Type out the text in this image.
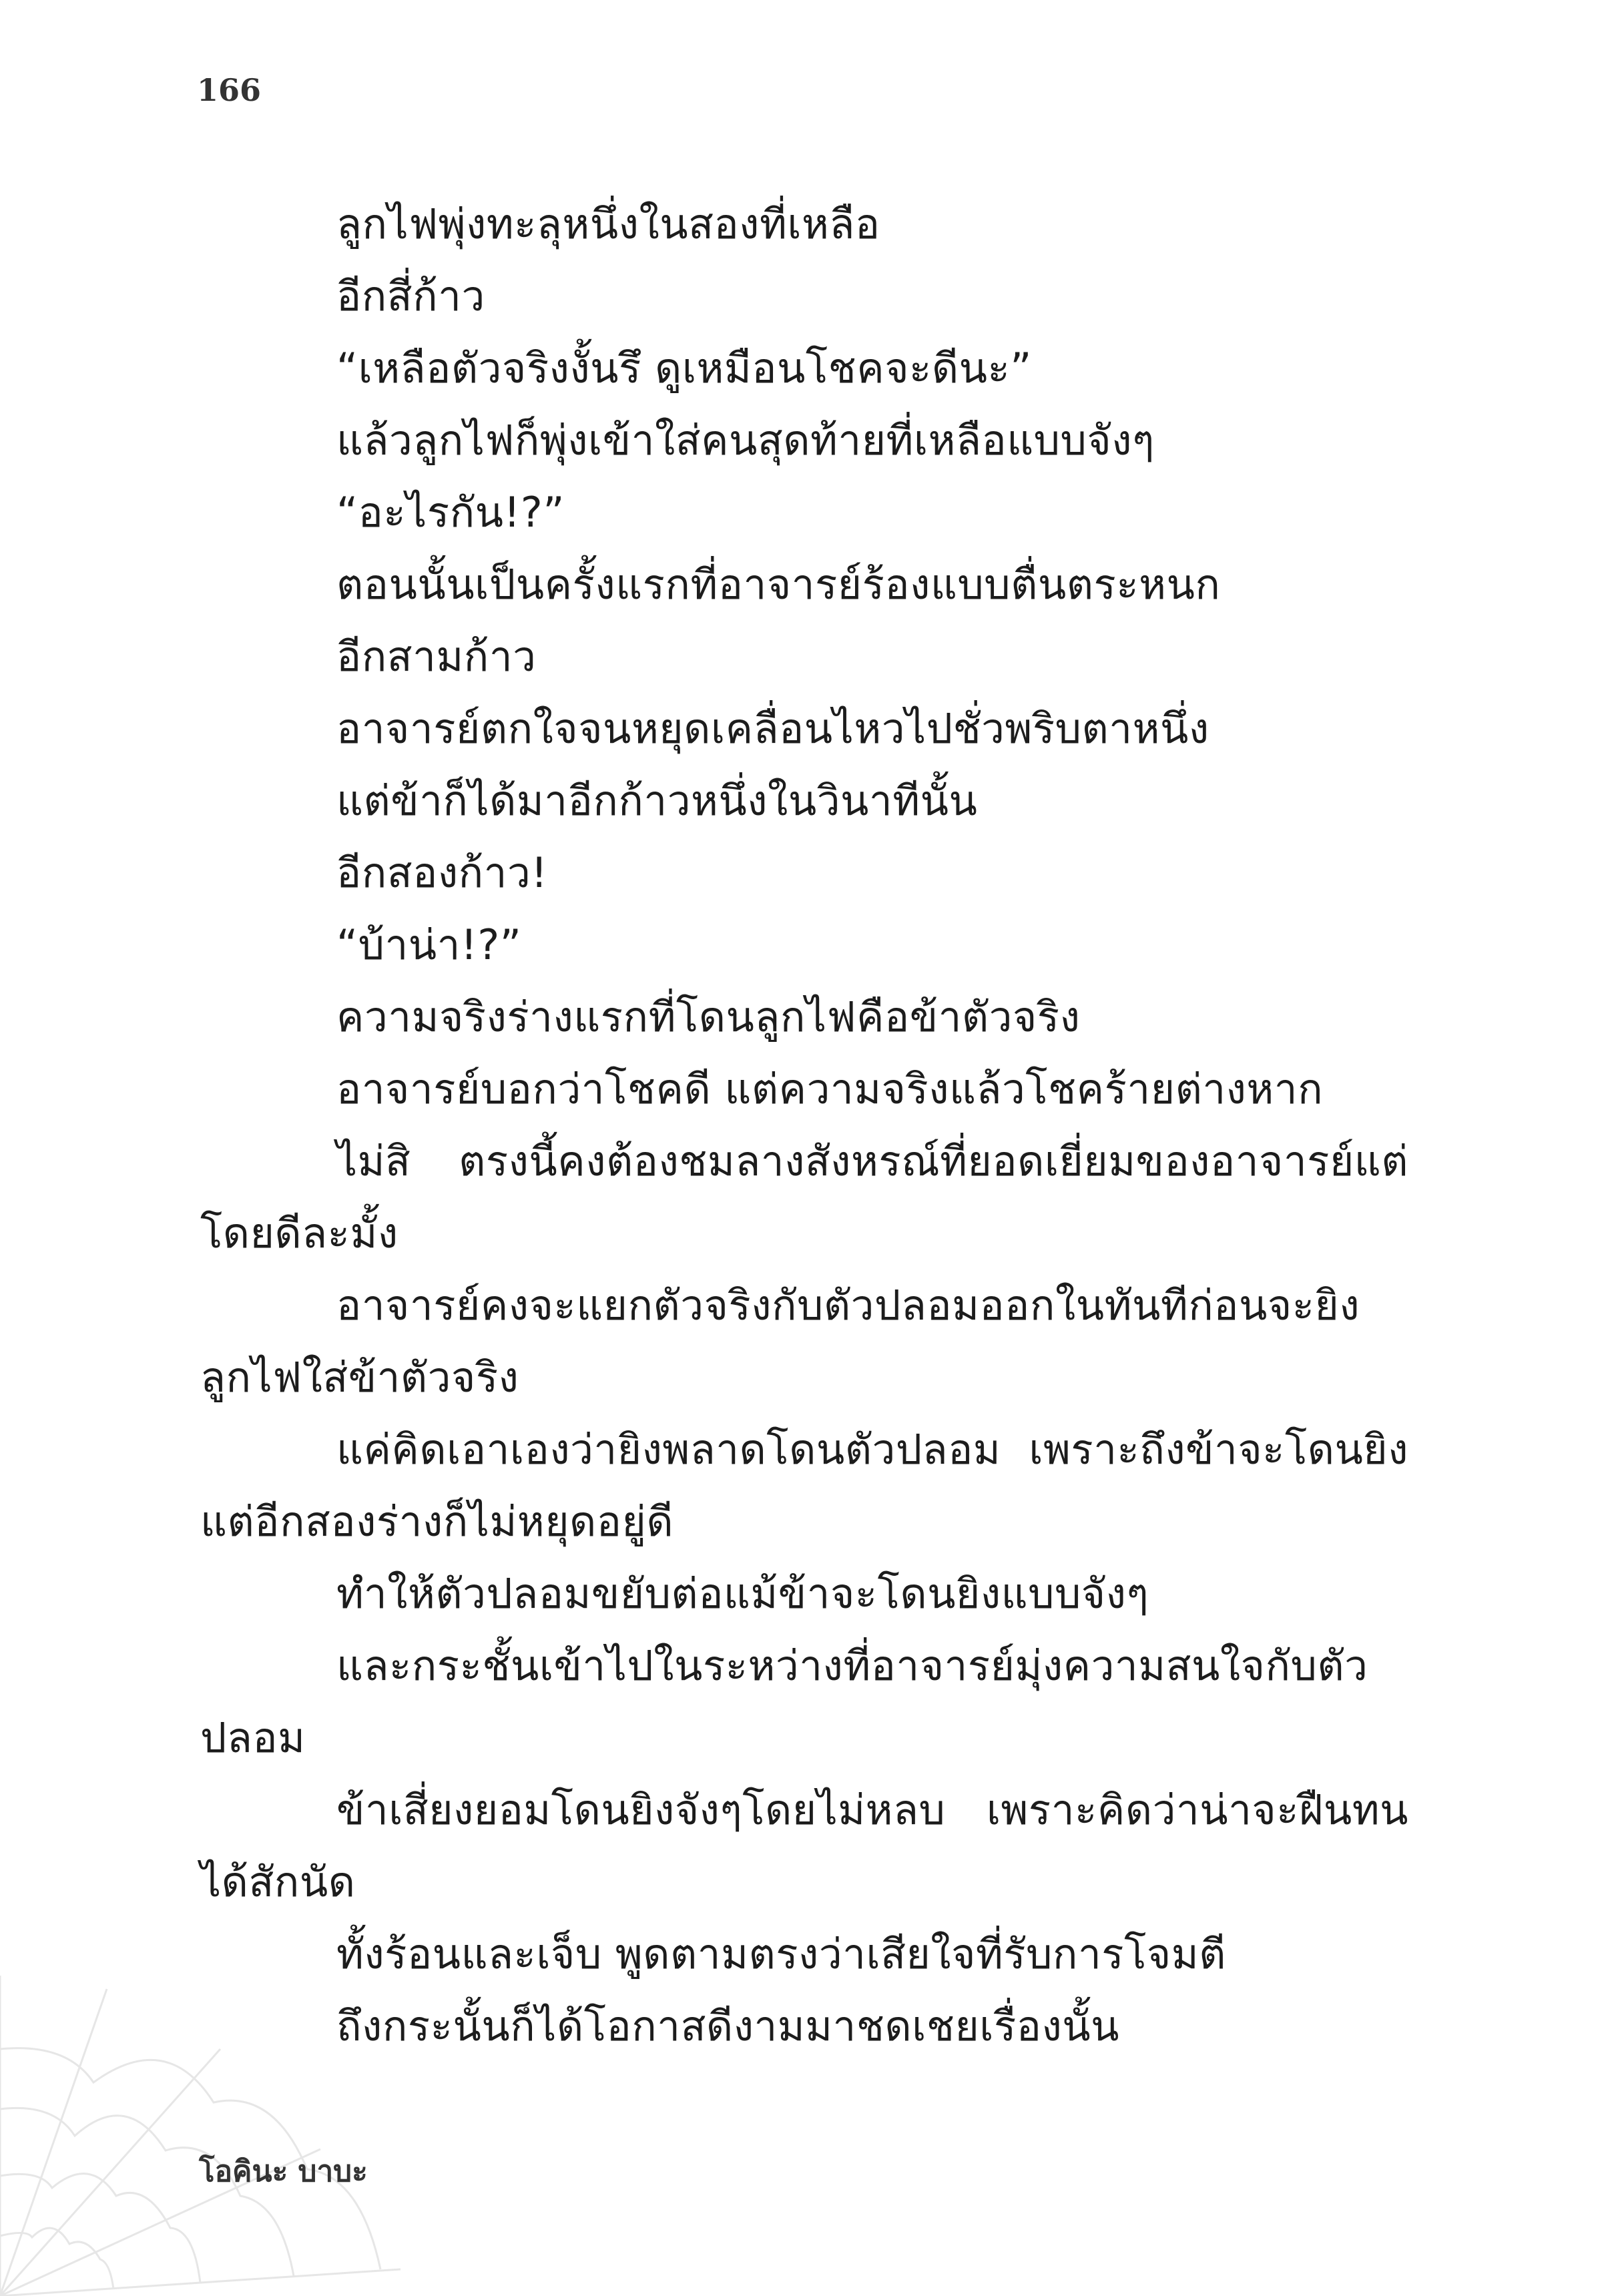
166

ลูกไฟพุ่งทะลุหนึ่งในสองที่เหลือ

อีกสี่ก้าว

“เหลือตัวจริงงั้นรึ ดูเหมือนโชคจะดีนะ”

แล้วลูกไฟก็พุ่งเข้าใส่คนสุดท้ายที่เหลือแบบจังๆ

“อะไรกัน!?”

ตอนนั้นเป็นครั้งแรกที่อาจารย์ร้องแบบตื่นตระหนก

อีกสามก้าว

อาจารย์ตกใจจนหยุดเคลื่อนไหวไปชั่วพริบตาหนึ่ง

แต่ข้าก็ได้มาอีกก้าวหนึ่งในวินาทีนั้น

อีกสองก้าว!

“บ้าน่า!?”

ความจริงร่างแรกที่โดนลูกไฟคือข้าตัวจริง

อาจารย์บอกว่าโชคดี แต่ความจริงแล้วโชคร้ายต่างหาก

ไม่สิ ตรงนี้คงต้องชมลางสังหรณ์ที่ยอดเยี่ยมของอาจารย์แต่โดยดีละมั้ง

อาจารย์คงจะแยกตัวจริงกับตัวปลอมออกในทันทีก่อนจะยิงลูกไฟใส่ข้าตัวจริง

แค่คิดเอาเองว่ายิงพลาดโดนตัวปลอม เพราะถึงข้าจะโดนยิงแต่อีกสองร่างก็ไม่หยุดอยู่ดี

ทำให้ตัวปลอมขยับต่อแม้ข้าจะโดนยิงแบบจังๆ

และกระชั้นเข้าไปในระหว่างที่อาจารย์มุ่งความสนใจกับตัวปลอม

ข้าเสี่ยงยอมโดนยิงจังๆโดยไม่หลบ เพราะคิดว่าน่าจะฝืนทนได้สักนัด

ทั้งร้อนและเจ็บ พูดตามตรงว่าเสียใจที่รับการโจมตี

ถึงกระนั้นก็ได้โอกาสดีงามมาชดเชยเรื่องนั้น

โอคินะ บาบะ
